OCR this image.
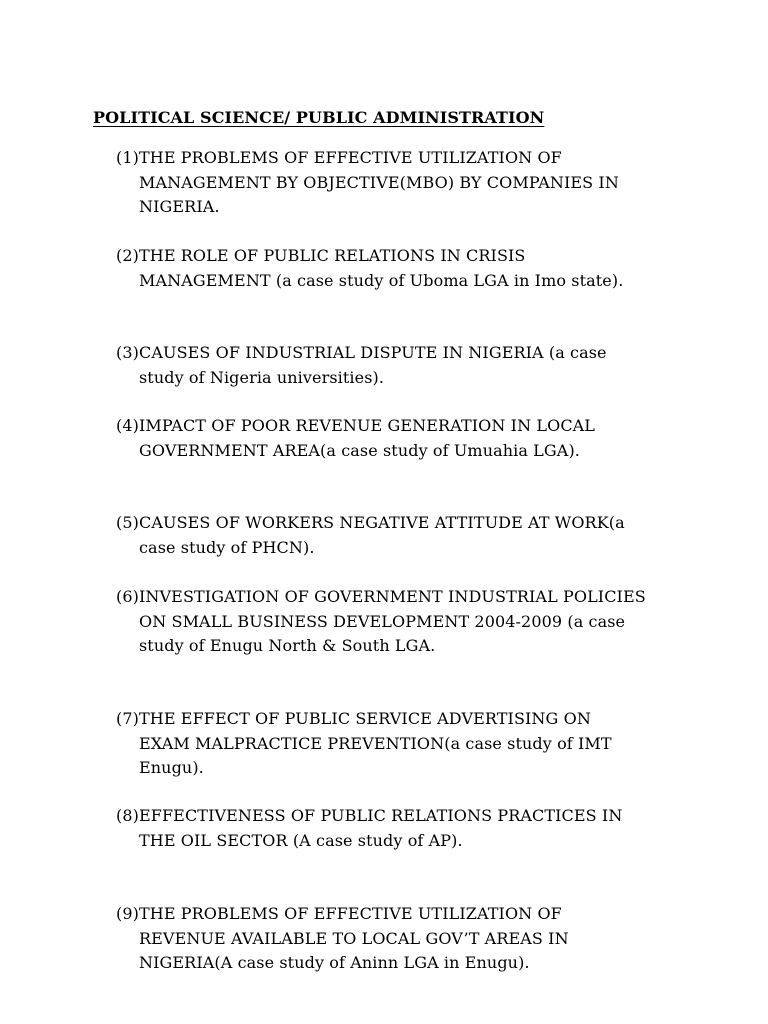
POLITICAL SCIENCE/ PUBLIC ADMINISTRATION
(1) THE PROBLEMS OF EFFECTIVE UTILIZATION OF
MANAGEMENT BY OBJECTIVE(MBO) BY COMPANIES IN
NIGERIA.
(2) THE ROLE OF PUBLIC RELATIONS IN CRISIS
MANAGEMENT (a case study of Uboma LGA in Imo state).
(3) CAUSES OF INDUSTRIAL DISPUTE IN NIGERIA (a case
study of Nigeria universities).
(4) IMPACT OF POOR REVENUE GENERATION IN LOCAL
GOVERNMENT AREA(a case study of Umuahia LGA).
(5) CAUSES OF WORKERS NEGATIVE ATTITUDE AT WORK(a
case study of PHCN).
(6) INVESTIGATION OF GOVERNMENT INDUSTRIAL POLICIES
ON SMALL BUSINESS DEVELOPMENT 2004-2009 (a case
study of Enugu North & South LGA.
(7) THE EFFECT OF PUBLIC SERVICE ADVERTISING ON
EXAM MALPRACTICE PREVENTION(a case study of IMT
Enugu).
(8) EFFECTIVENESS OF PUBLIC RELATIONS PRACTICES IN
THE OIL SECTOR (A case study of AP).
(9) THE PROBLEMS OF EFFECTIVE UTILIZATION OF
REVENUE AVAILABLE TO LOCAL GOV’T AREAS IN
NIGERIA(A case study of Aninn LGA in Enugu).
